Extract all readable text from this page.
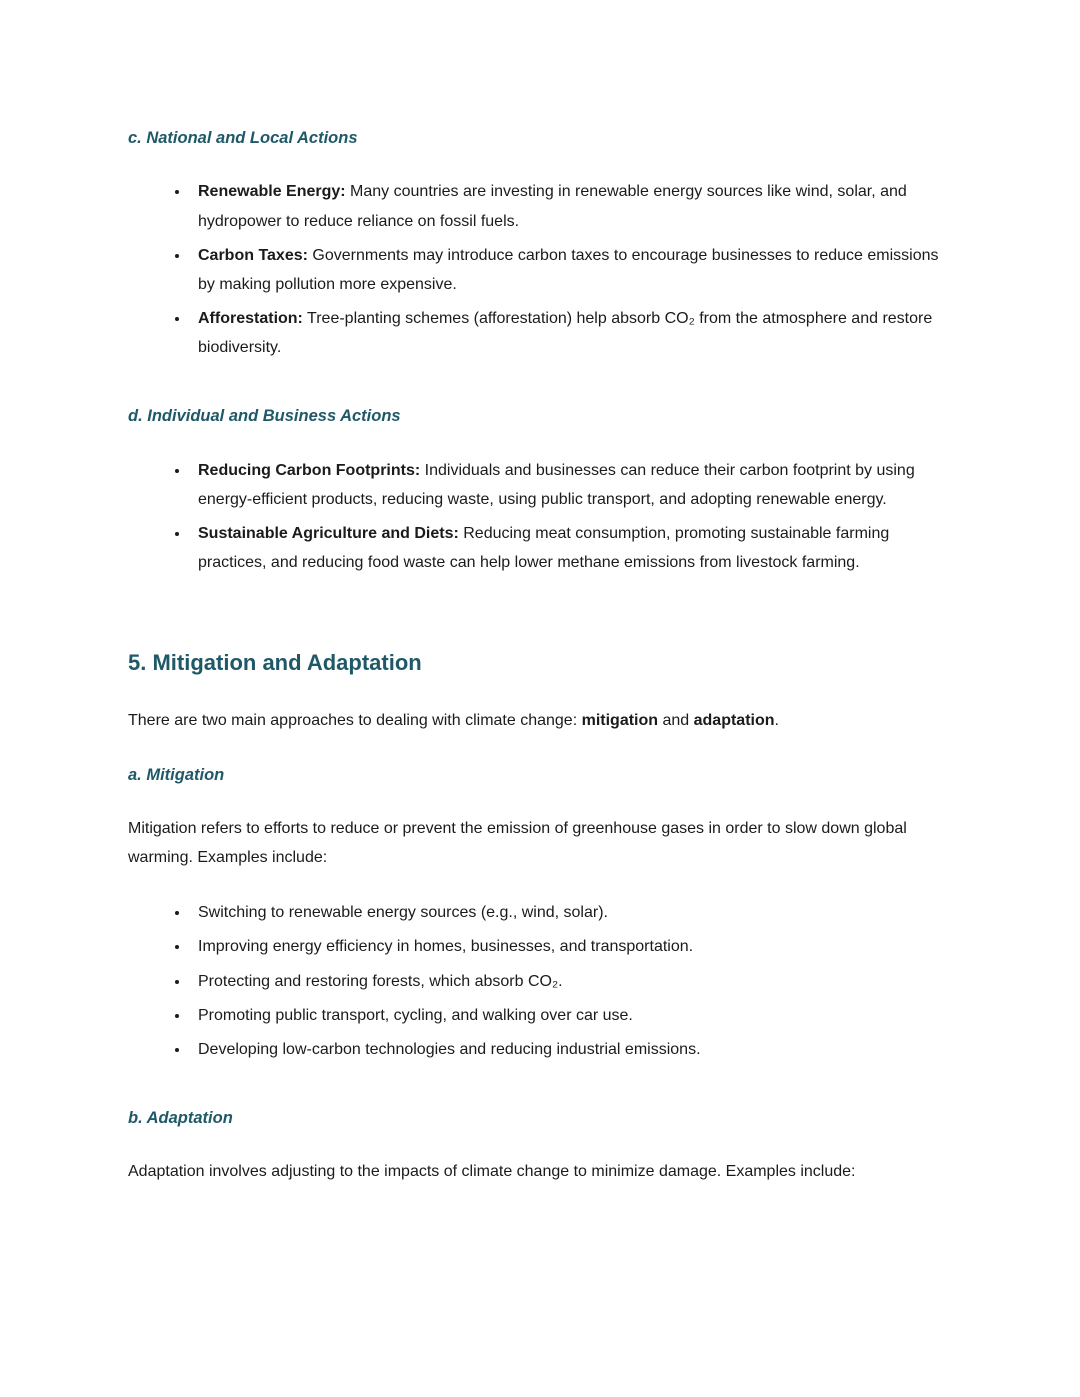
c. National and Local Actions
• Renewable Energy: Many countries are investing in renewable energy sources like wind, solar, and hydropower to reduce reliance on fossil fuels.
• Carbon Taxes: Governments may introduce carbon taxes to encourage businesses to reduce emissions by making pollution more expensive.
• Afforestation: Tree-planting schemes (afforestation) help absorb CO₂ from the atmosphere and restore biodiversity.
d. Individual and Business Actions
• Reducing Carbon Footprints: Individuals and businesses can reduce their carbon footprint by using energy-efficient products, reducing waste, using public transport, and adopting renewable energy.
• Sustainable Agriculture and Diets: Reducing meat consumption, promoting sustainable farming practices, and reducing food waste can help lower methane emissions from livestock farming.
5. Mitigation and Adaptation

There are two main approaches to dealing with climate change: mitigation and adaptation.

a. Mitigation

Mitigation refers to efforts to reduce or prevent the emission of greenhouse gases in order to slow down global warming. Examples include:

• Switching to renewable energy sources (e.g., wind, solar).
• Improving energy efficiency in homes, businesses, and transportation.
• Protecting and restoring forests, which absorb CO₂.
• Promoting public transport, cycling, and walking over car use.
• Developing low-carbon technologies and reducing industrial emissions.
b. Adaptation

Adaptation involves adjusting to the impacts of climate change to minimize damage. Examples include:
